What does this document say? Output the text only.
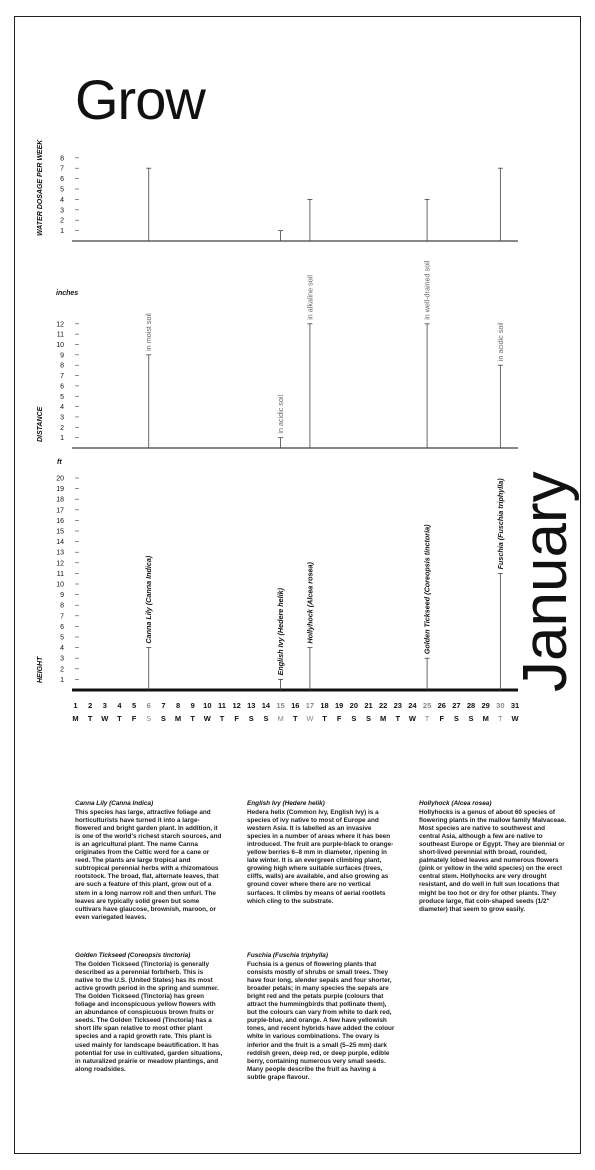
Grow
January
WATER DOSAGE PER WEEK
inches
DISTANCE
ft
HEIGHT
1
2
3
4
5
6
7
8
1
2
3
4
5
6
7
8
9
10
11
12	in moist soil
in acidic soil
in alkaline soil	in well-drained soil
in acidic soil
1
2
3
4
5
6
7
8
9
10
11
12
13
14
15
16
17
18
19
20
Canna Lily (Canna Indica)	English Ivy (Hedere helik)	Hollyhock (Alcea rosea)	Golden Tickseed (Coreopsis tinctoria)
Fuschia (Fuschia triphylla)
1
M
2
T
3
W
4
T
5
F
6
S
7
S
8
M
9
T
10
W
11
T
12
F
13
S
14
S
15
M
16
T
17
W
18
T
19
F
20
S
21
S
22
M
23
T
24
W
25
T
26
F
27
S
28
S
29
M
30
T
31
W
Canna Lily (Canna Indica)
This species has large, attractive foliage and horticulturists have turned it into a large-flowered and bright garden plant. In addition, it is one of the world's richest starch sources, and is an agricultural plant. The name Canna originates from the Celtic word for a cane or reed. The plants are large tropical and subtropical perennial herbs with a rhizomatous rootstock. The broad, flat, alternate leaves, that are such a feature of this plant, grow out of a stem in a long narrow roll and then unfurl. The leaves are typically solid green but some cultivars have glaucose, brownish, maroon, or even variegated leaves.
English Ivy (Hedere helik)
Hedera helix (Common Ivy, English Ivy) is a species of ivy native to most of Europe and western Asia. It is labelled as an invasive species in a number of areas where it has been introduced. The fruit are purple-black to orange-yellow berries 6–8 mm in diameter, ripening in late winter. It is an evergreen climbing plant, growing high where suitable surfaces (trees, cliffs, walls) are available, and also growing as ground cover where there are no vertical surfaces. It climbs by means of aerial rootlets which cling to the substrate.
Hollyhock (Alcea rosea)
Hollyhocks is a genus of about 60 species of flowering plants in the mallow family Malvaceae. Most species are native to southwest and central Asia, although a few are native to southeast Europe or Egypt. They are biennial or short-lived perennial with broad, rounded, palmately lobed leaves and numerous flowers (pink or yellow in the wild species) on the erect central stem. Hollyhocks are very drought resistant, and do well in full sun locations that might be too hot or dry for other plants. They produce large, flat coin-shaped seeds (1/2" diameter) that seem to grow easily.
Golden Tickseed (Coreopsis tinctoria)
The Golden Tickseed (Tinctoria) is generally described as a perennial forb/herb. This is native to the U.S. (United States) has its most active growth period in the spring and summer. The Golden Tickseed (Tinctoria) has green foliage and inconspicuous yellow flowers with an abundance of conspicuous brown fruits or seeds. The Golden Tickseed (Tinctoria) has a short life span relative to most other plant species and a rapid growth rate. This plant is used mainly for landscape beautification. It has potential for use in cultivated, garden situations, in naturalized prairie or meadow plantings, and along roadsides.
Fuschia (Fuschia triphylla)
Fuchsia is a genus of flowering plants that consists mostly of shrubs or small trees. They have four long, slender sepals and four shorter, broader petals; in many species the sepals are bright red and the petals purple (colours that attract the hummingbirds that pollinate them), but the colours can vary from white to dark red, purple-blue, and orange. A few have yellowish tones, and recent hybrids have added the colour white in various combinations. The ovary is inferior and the fruit is a small (5–25 mm) dark reddish green, deep red, or deep purple, edible berry, containing numerous very small seeds. Many people describe the fruit as having a subtle grape flavour.
